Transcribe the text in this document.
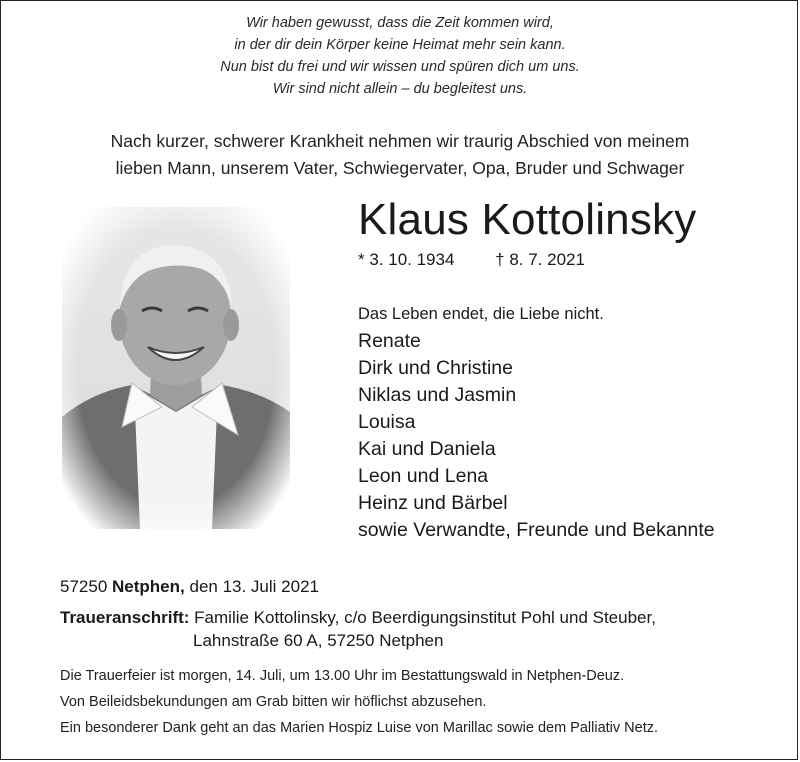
Wir haben gewusst, dass die Zeit kommen wird,
in der dir dein Körper keine Heimat mehr sein kann.
Nun bist du frei und wir wissen und spüren dich um uns.
Wir sind nicht allein – du begleitest uns.
Nach kurzer, schwerer Krankheit nehmen wir traurig Abschied von meinem
lieben Mann, unserem Vater, Schwiegervater, Opa, Bruder und Schwager
Klaus Kottolinsky
* 3. 10. 1934 † 8. 7. 2021
Das Leben endet, die Liebe nicht.
Renate
Dirk und Christine
Niklas und Jasmin
Louisa
Kai und Daniela
Leon und Lena
Heinz und Bärbel
sowie Verwandte, Freunde und Bekannte
57250 Netphen, den 13. Juli 2021
Traueranschrift: Familie Kottolinsky, c/o Beerdigungsinstitut Pohl und Steuber,
Lahnstraße 60 A, 57250 Netphen
Die Trauerfeier ist morgen, 14. Juli, um 13.00 Uhr im Bestattungswald in Netphen-Deuz.
Von Beileidsbekundungen am Grab bitten wir höflichst abzusehen.
Ein besonderer Dank geht an das Marien Hospiz Luise von Marillac sowie dem Palliativ Netz.
